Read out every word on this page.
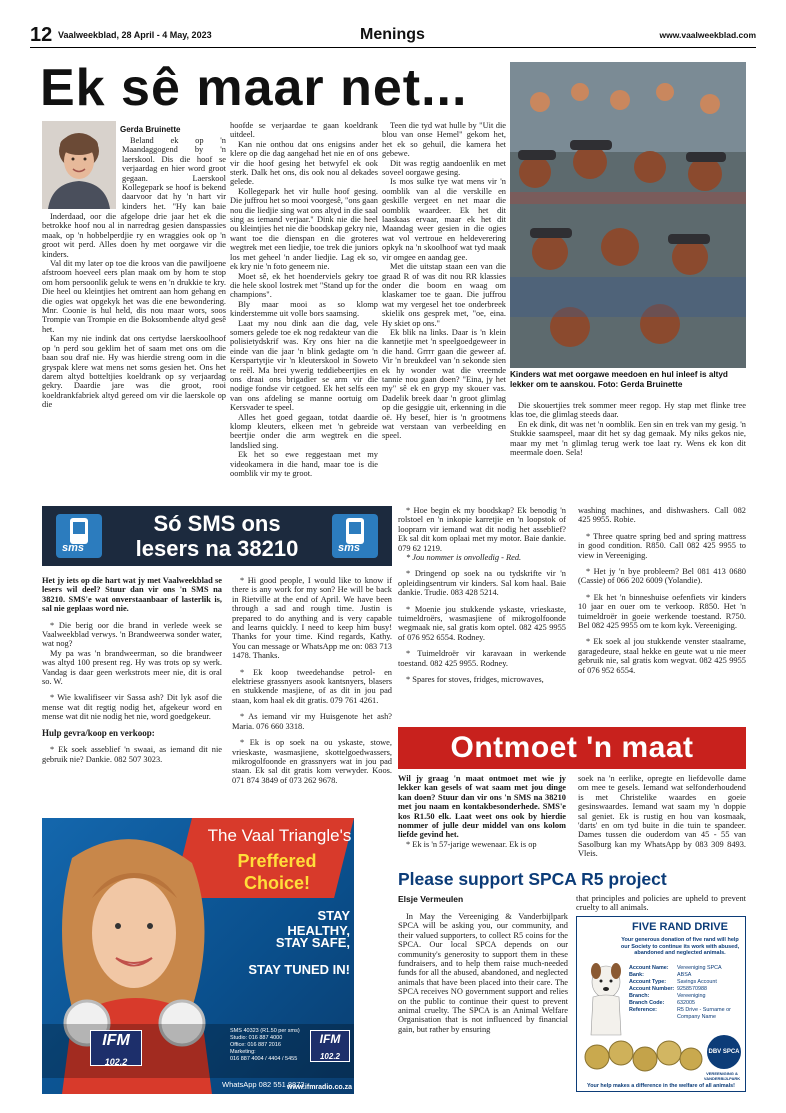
12 Vaalweekblad, 28 April - 4 May, 2023	Menings	www.vaalweekblad.com
Ek sê maar net...
Gerda Bruinette

Beland ek op 'n Maandaggogend by 'n laerskool. Dis die hoof se verjaardag en hier word groot gegaan. Laerskool Kollegepark se hoof is bekend daarvoor dat hy 'n hart vir kinders het. "Hy kan baie

Inderdaad, oor die afgelope drie jaar het ek die betrokke hoof nou al in narredrag gesien danspassies maak, op 'n hobbelperdjie ry en wraggies ook op 'n groot wit perd. Alles doen hy met oorgawe vir die kinders.

Val dit my later op toe die kroos van die pawiljoene afstroom hoeveel eers plan maak om by hom te stop om hom persoonlik geluk te wens en 'n drukkie te kry. Die heel ou kleintjies het omtrent aan hom gehang en die ogies wat opgekyk het was die ene bewondering. Mnr. Coonie is hul held, dis nou maar wors, soos Trompie van Trompie en die Boksombende altyd gesê het.

Kan my nie indink dat ons certydse laerskoolhoof op 'n perd sou geklim het of saam met ons om die baan sou draf nie. Hy was hierdie streng oom in die gryspak klere wat mens net soms gesien het. Ons het darem altyd botteltjies koeldrank op sy verjaardag gekry. Daardie jare was die groot, rooi koeldrankfabriek altyd gereed om vir die laerskole op die

hoofde se verjaardae te gaan koeldrank uitdeel.

Kan nie onthou dat ons enigsins ander klere op die dag aangehad het nie en of ons vir die hoof gesing het betwyfel ek ook sterk. Dalk het ons, dis ook nou al dekades gelede.

Kollegepark het vir hulle hoof gesing. Die juffrou het so mooi voorgesê, "ons gaan nou die liedjie sing wat ons altyd in die saal sing as iemand verjaar." Dink nie die heel ou kleintjies het nie die boodskap gekry nie, want toe die dienspan en die groteres wegtrek met een liedjie, toe trek die juniors los met geheel 'n ander liedjie. Lag ek so, ek kry nie 'n foto geneem nie.

Moet sê, ek het hoenderviels gekry toe die hele skool lostrek met "Stand up for the champions".

Bly maar mooi as so klomp kinderstemme uit volle bors saamsing.

Laat my nou dink aan die dag, vele somers gelede toe ek nog redakteur van die polisietydskrif was. Kry ons hier na die einde van die jaar 'n blink gedagte om 'n Kerspartytjie vir 'n kleuterskool in Soweto te reël. Ma brei ywerig teddiebeertjies en ons draai ons brigadier se arm vir die nodige fondse vir cetgoed. Ek het selfs een van ons afdeling se manne oortuig om Kersvader te speel.

Alles het goed gegaan, totdat daardie klomp kleuters, elkeen met 'n gebreide beertjie onder die arm wegtrek en die landslied sing.

Ek het so ewe reggestaan met my videokamera in die hand, maar toe is die oomblik vir my te groot.

Teen die tyd wat hulle by "Uit die blou van onse Hemel" gekom het, het ek so gehuil, die kamera het gebewe.

Dit was regtig aandoenlik en met soveel oorgawe gesing.

Is mos sulke tye wat mens vir 'n oomblik van al die verskille en geskille vergeet en net maar die oomblik waardeer. Ek het dit laaskaas ervaar, maar ek het dit Maandag weer gesien in die ogies wat vol vertroue en heldeverering opkyk na 'n skoolhoof wat tyd maak vir omgee en aandag gee.

Met die uitstap staan een van die graad R of was dit nou RR klassies onder die boom en waag om klaskamer toe te gaan. Die juffrou wat my vergesel het toe onderbreek skielik ons gesprek met, "oe, eina. Hy skiet op ons."

Ek blik na links. Daar is 'n klein kannetjie met 'n speelgoedgeweer in die hand. Grrrr gaan die geweer af. Vir 'n breukdeel van 'n sekonde sien ek hy wonder wat die vreemde tannie nou gaan doen? "Eina, jy het my" sê ek en gryp my skouer vas. Dadelik breek daar 'n groot glimlag op die gesiggie uit, erkenning in die oë. Hy besef, hier is 'n grootmens wat verstaan van verbeelding en speel.

Kinders wat met oorgawe meedoen en hul inleef is altyd lekker om te aanskou. Foto: Gerda Bruinette

Die skouertjies trek sommer meer regop. Hy stap met flinke tree klas toe, die glimlag steeds daar.

En ek dink, dit was net 'n oomblik. Een sin en trek van my gesig. 'n Stukkie saamspeel, maar dit het sy dag gemaak. My niks gekos nie, maar my met 'n glimlag terug werk toe laat ry. Wens ek kon dit meermale doen. Sela!

sms
Só SMS ons
lesers na 38210	sms

Het jy iets op die hart wat jy met Vaalweekblad se lesers wil deel? Stuur dan vir ons 'n SMS na 38210. SMS'e wat onverstaanbaar of lasterlik is, sal nie geplaas word nie.

* Die berig oor die brand in verlede week se Vaalweekblad verwys. 'n Brandweerwa sonder water, wat nog?

My pa was 'n brandweerman, so die brandweer was altyd 100 present reg. Hy was trots op sy werk. Vandag is daar geen werkstrots meer nie, dit is oral so. W.

* Wie kwalifiseer vir Sassa ash? Dit lyk asof die mense wat dit regtig nodig het, afgekeur word en mense wat dit nie nodig het nie, word goedgekeur.

Hulp gevra/koop en verkoop:

* Ek soek asseblief 'n swaai, as iemand dit nie gebruik nie? Dankie. 082 507 3023.

* Hi good people, I would like to know if there is any work for my son? He will be back in Rietville at the end of April. We have been through a sad and rough time. Justin is prepared to do anything and is very capable and learns quickly. I need to keep him busy! Thanks for your time. Kind regards, Kathy. You can message or WhatsApp me on: 083 713 1478. Thanks.

* Ek koop tweedehandse petrol- en elektriese grassnyers asook kantsnyers, blasers en stukkende masjiene, of as dit in jou pad staan, kom haal ek dit gratis. 079 761 4261.

* As iemand vir my Huisgenote het ash? Maria. 076 660 3318.

* Ek is op soek na ou yskaste, stowe, vrieskaste, wasmasjiene, skottelgoedwassers, mikrogolfoonde en grassnyers wat in jou pad staan. Ek sal dit gratis kom verwyder. Koos. 071 874 3849 of 073 262 9678.

* Hoe begin ek my boodskap? Ek benodig 'n rolstoel en 'n inkopie karretjie en 'n loopstok of looprarn vir iemand wat dit nodig het asseblief? Ek sal dit kom oplaai met my motor. Baie dankie. 079 62 1219.

* Jou nommer is onvolledig - Red.

* Dringend op soek na ou tydskrifte vir 'n opleidingsentrum vir kinders. Sal kom haal. Baie dankie. Trudie. 083 428 5214.

* Moenie jou stukkende yskaste, vrieskaste, tuimeldroërs, wasmasjiene of mikrogolfoonde wegmaak nie, sal gratis kom optel. 082 425 9955 of 076 952 6554. Rodney.

* Tuimeldroër vir karavaan in werkende toestand. 082 425 9955. Rodney.

* Spares for stoves, fridges, microwaves,

washing machines, and dishwashers. Call 082 425 9955. Robie.

* Three quatre spring bed and spring mattress in good condition. R850. Call 082 425 9955 to view in Vereeniging.

* Het jy 'n bye probleem? Bel 081 413 0680 (Cassie) of 066 202 6009 (Yolandie).

* Ek het 'n binneshuise oefenfiets vir kinders 10 jaar en ouer om te verkoop. R850. Het 'n tuimeldroër in goeie werkende toestand. R750. Bel 082 425 9955 om te kom kyk. Vereeniging.

* Ek soek al jou stukkende venster staalrame, garagedeure, staal hekke en geute wat u nie meer gebruik nie, sal gratis kom wegvat. 082 425 9955 of 076 952 6554.

Ontmoet 'n maat

Wil jy graag 'n maat ontmoet met wie jy lekker kan gesels of wat saam met jou dinge kan doen? Stuur dan vir ons 'n SMS na 38210 met jou naam en kontakbesonderhede. SMS'e kos R1.50 elk. Laat weet ons ook by hierdie nommer of julle deur middel van ons kolom liefde gevind het.

* Ek is 'n 57-jarige wewenaar. Ek is op

soek na 'n eerlike, opregte en liefdevolle dame om mee te gesels. Iemand wat selfonderhoudend is met Christelike waardes en goeie gesinswaardes. Iemand wat saam my 'n doppie sal geniet. Ek is rustig en hou van kosmaak, 'darts' en om tyd buite in die tuin te spandeer. Dames tussen die ouderdom van 45 - 55 van Sasolburg kan my WhatsApp by 083 309 8493. Vleis.

The Vaal Triangle's
Preffered Choice!
STAY HEALTHY,
STAY SAFE,
STAY TUNED IN!
IFM
102.2
SMS 40323 (R1.50 per sms)
Studio: 016 887 4000
Office: 016 887 2016
Marketing:
016 887 4004 / 4404 / 5455
IFM
102.2
WhatsApp 082 551 8873
www.ifmradio.co.za
Please support SPCA R5 project
Elsje Vermeulen

In May the Vereeniging & Vanderbijlpark SPCA will be asking you, our community, and their valued supporters, to collect R5 coins for the SPCA. Our local SPCA depends on our community's generosity to support them in these fundraisers, and to help them raise much-needed funds for all the abused, abandoned, and neglected animals that have been placed into their care. The SPCA receives NO government support and relies on the public to continue their quest to prevent animal cruelty. The SPCA is an Animal Welfare Organisation that is not influenced by financial gain, but rather by ensuring

that principles and policies are upheld to prevent cruelty to all animals.

FIVE RAND DRIVE
Your generous donation of five rand will help our Society to continue its work with abused, abandoned and neglected animals.
Account Name:	Vereeniging SPCA
Bank:	ABSA
Account Type:	Savings Account
Account Number: 9258570988
Branch:	Vereeniging
Branch Code:	632005
Reference:	R5 Drive - Surname or Company Name
DBV SPCA
VEREENIGING & VANDERBIJLPARK
Your help makes a difference in the welfare of all animals!
